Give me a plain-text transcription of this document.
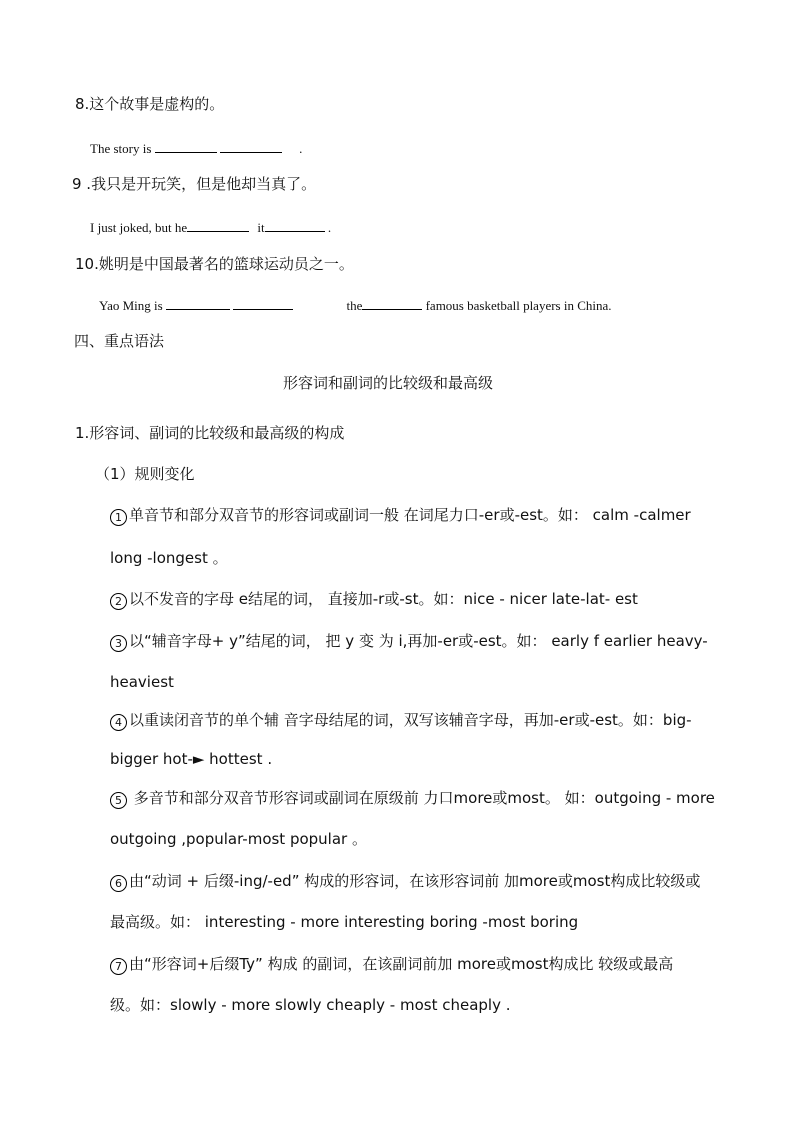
8.这个故事是虚构的。
The story is	.
9 .我只是开玩笑，但是他却当真了。
I just joked, but he	it	.
10.姚明是中国最著名的篮球运动员之一。
Yao Ming is	the	famous basketball players in China.
四、重点语法
形容词和副词的比较级和最高级
1.形容词、副词的比较级和最高级的构成
（1）规则变化
1 单音节和部分双音节的形容词或副词一般 在词尾力口-er或-est。如： calm -calmer
long -longest 。
2 以不发音的字母 e结尾的词， 直接加-r或-st。如：nice - nicer late-lat- est
3 以“辅音字母+ y”结尾的词， 把 y 变 为 i,再加-er或-est。如： early f earlier heavy-
heaviest
4 以重读闭音节的单个辅 音字母结尾的词，双写该辅音字母，再加-er或-est。如：big-
bigger hot-► hottest .
5 多音节和部分双音节形容词或副词在原级前 力口more或most。 如：outgoing - more
outgoing ,popular-most popular 。
6 由“动词 + 后缀-ing/-ed” 构成的形容词，在该形容词前 加more或most构成比较级或
最高级。如： interesting - more interesting boring -most boring
7 由“形容词+后缀Ty” 构成 的副词，在该副词前加 more或most构成比 较级或最高
级。如：slowly - more slowly cheaply - most cheaply .
